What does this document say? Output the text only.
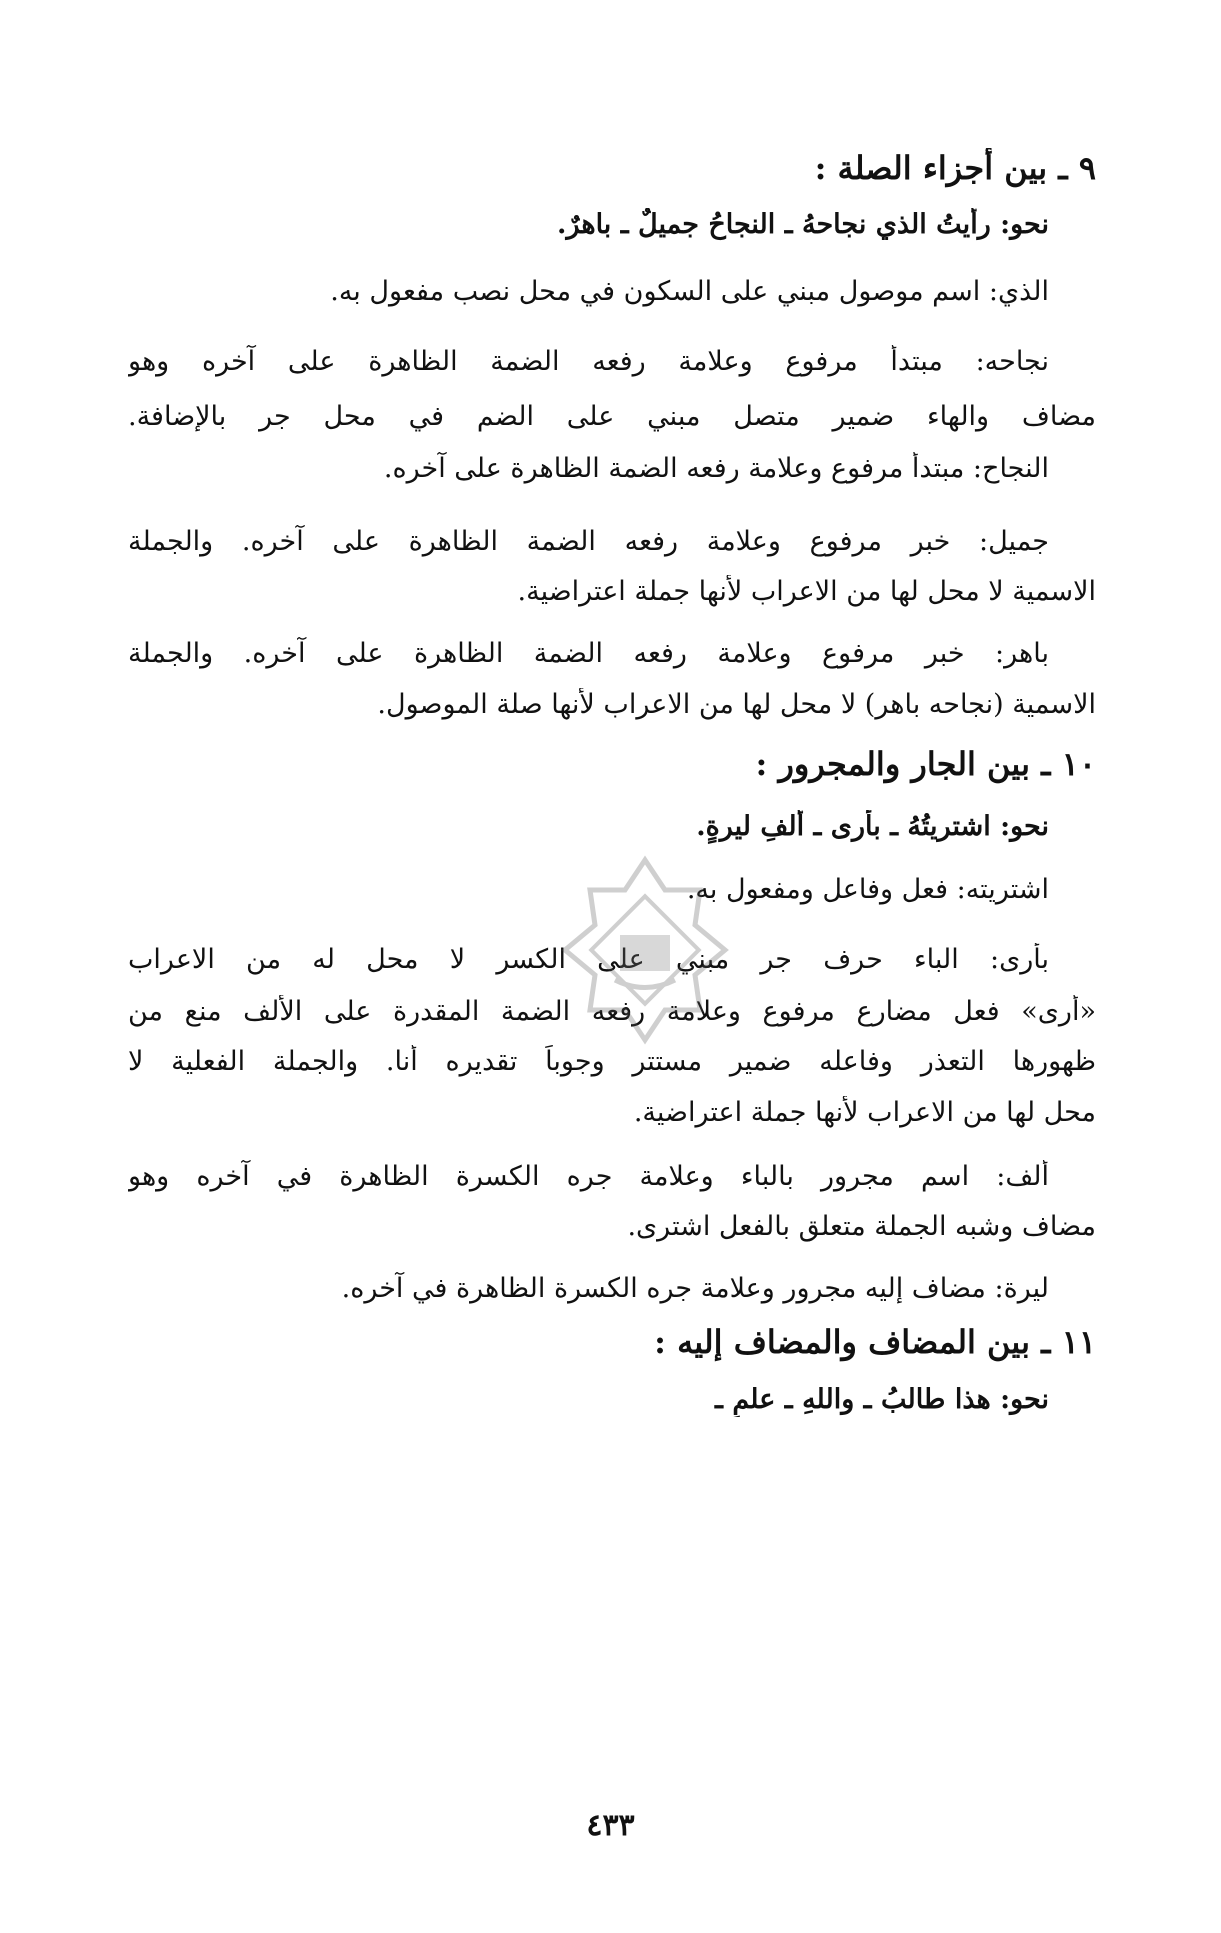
٩ ـ بين أجزاء الصلة :
نحو: رأيتُ الذي نجاحهُ ـ النجاحُ جميلٌ ـ باهرٌ.
الذي: اسم موصول مبني على السكون في محل نصب مفعول به.
نجاحه: مبتدأ مرفوع وعلامة رفعه الضمة الظاهرة على آخره وهو
مضاف والهاء ضمير متصل مبني على الضم في محل جر بالإضافة.
النجاح: مبتدأ مرفوع وعلامة رفعه الضمة الظاهرة على آخره.
جميل: خبر مرفوع وعلامة رفعه الضمة الظاهرة على آخره. والجملة
الاسمية لا محل لها من الاعراب لأنها جملة اعتراضية.
باهر: خبر مرفوع وعلامة رفعه الضمة الظاهرة على آخره. والجملة
الاسمية (نجاحه باهر) لا محل لها من الاعراب لأنها صلة الموصول.
١٠ ـ بين الجار والمجرور :
نحو: اشتريتُهُ ـ بأرى ـ ألفِ ليرةٍ.
اشتريته: فعل وفاعل ومفعول به.
بأرى: الباء حرف جر مبني على الكسر لا محل له من الاعراب
«أرى» فعل مضارع مرفوع وعلامة رفعه الضمة المقدرة على الألف منع من
ظهورها التعذر وفاعله ضمير مستتر وجوباً تقديره أنا. والجملة الفعلية لا
محل لها من الاعراب لأنها جملة اعتراضية.
ألف: اسم مجرور بالباء وعلامة جره الكسرة الظاهرة في آخره وهو
مضاف وشبه الجملة متعلق بالفعل اشترى.
ليرة: مضاف إليه مجرور وعلامة جره الكسرة الظاهرة في آخره.
١١ ـ بين المضاف والمضاف إليه :
نحو: هذا طالبُ ـ واللهِ ـ علمٍ ـ
٤٣٣
